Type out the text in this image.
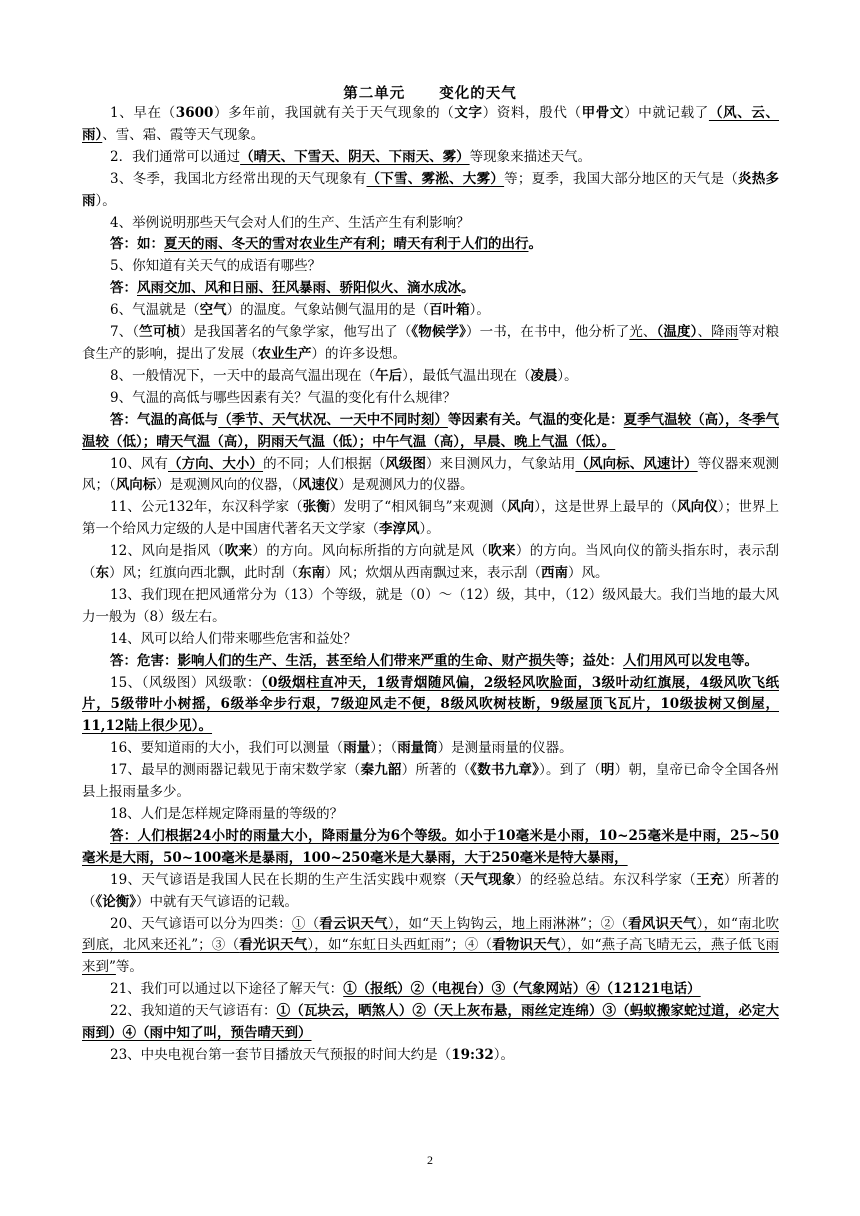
第二单元 变化的天气

1、早在（3600）多年前，我国就有关于天气现象的（文字）资料，殷代（甲骨文）中就记载了（风、云、雨）、雪、霜、霞等天气现象。

2．我们通常可以通过（晴天、下雪天、阴天、下雨天、雾）等现象来描述天气。

3、冬季，我国北方经常出现的天气现象有（下雪、雾淞、大雾）等；夏季，我国大部分地区的天气是（炎热多雨）。

4、举例说明那些天气会对人们的生产、生活产生有利影响？

答：如：夏天的雨、冬天的雪对农业生产有利；晴天有利于人们的出行。

5、你知道有关天气的成语有哪些？

答：风雨交加、风和日丽、狂风暴雨、骄阳似火、滴水成冰。

6、气温就是（空气）的温度。气象站侧气温用的是（百叶箱）。

7、（竺可桢）是我国著名的气象学家，他写出了（《物候学》）一书，在书中，他分析了光、（温度）、降雨等对粮食生产的影响，提出了发展（农业生产）的许多设想。

8、一般情况下，一天中的最高气温出现在（午后），最低气温出现在（凌晨）。

9、气温的高低与哪些因素有关？气温的变化有什么规律？

答：气温的高低与（季节、天气状况、一天中不同时刻）等因素有关。气温的变化是：夏季气温较（高），冬季气温较（低）；晴天气温（高），阴雨天气温（低）；中午气温（高），早晨、晚上气温（低）。

10、风有（方向、大小）的不同；人们根据（风级图）来目测风力，气象站用（风向标、风速计）等仪器来观测风；（风向标）是观测风向的仪器，（风速仪）是观测风力的仪器。

11、公元132年，东汉科学家（张衡）发明了“相风铜鸟”来观测（风向），这是世界上最早的（风向仪）；世界上第一个给风力定级的人是中国唐代著名天文学家（李淳风）。

12、风向是指风（吹来）的方向。风向标所指的方向就是风（吹来）的方向。当风向仪的箭头指东时，表示刮（东）风；红旗向西北飘，此时刮（东南）风；炊烟从西南飘过来，表示刮（西南）风。

13、我们现在把风通常分为（13）个等级，就是（0）～（12）级，其中，（12）级风最大。我们当地的最大风力一般为（8）级左右。

14、风可以给人们带来哪些危害和益处？

答：危害：影响人们的生产、生活，甚至给人们带来严重的生命、财产损失等；益处：人们用风可以发电等。

15、（风级图）风级歌：（0级烟柱直冲天，1级青烟随风偏，2级轻风吹脸面，3级叶动红旗展，4级风吹飞纸片，5级带叶小树摇，6级举伞步行艰，7级迎风走不便，8级风吹树枝断，9级屋顶飞瓦片，10级拔树又倒屋，11,12陆上很少见）。

16、要知道雨的大小，我们可以测量（雨量）；（雨量筒）是测量雨量的仪器。

17、最早的测雨器记载见于南宋数学家（秦九韶）所著的（《数书九章》）。到了（明）朝，皇帝已命令全国各州县上报雨量多少。

18、人们是怎样规定降雨量的等级的？

答：人们根据24小时的雨量大小，降雨量分为6个等级。如小于10毫米是小雨，10~25毫米是中雨，25~50毫米是大雨，50~100毫米是暴雨，100~250毫米是大暴雨，大于250毫米是特大暴雨，

19、天气谚语是我国人民在长期的生产生活实践中观察（天气现象）的经验总结。东汉科学家（王充）所著的（《论衡》）中就有天气谚语的记载。

20、天气谚语可以分为四类：①（看云识天气），如“天上钩钩云，地上雨淋淋”；②（看风识天气），如“南北吹到底，北风来还礼”；③（看光识天气），如“东虹日头西虹雨”；④（看物识天气），如“燕子高飞晴无云，燕子低飞雨来到”等。

21、我们可以通过以下途径了解天气：①（报纸）②（电视台）③（气象网站）④（12121电话）

22、我知道的天气谚语有：①（瓦块云，晒煞人）②（天上灰布悬，雨丝定连绵）③（蚂蚁搬家蛇过道，必定大雨到）④（雨中知了叫，预告晴天到）

23、中央电视台第一套节目播放天气预报的时间大约是（19:32）。

2
